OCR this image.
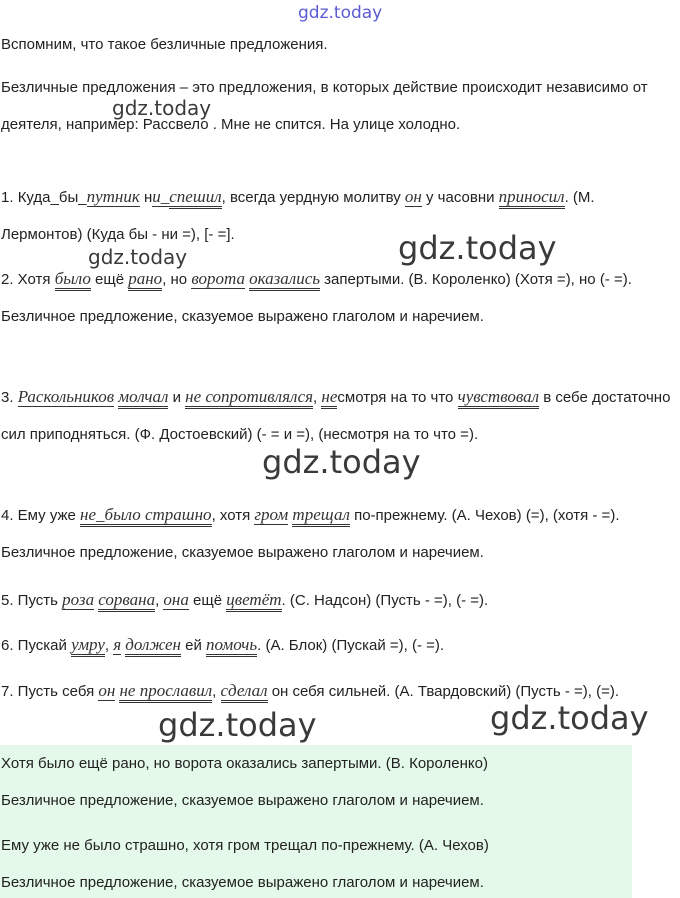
gdz.today

Вспомним, что такое безличные предложения.

Безличные предложения – это предложения, в которых действие происходит независимо от деятеля, например: Рассвело . Мне не спится. На улице холодно.

1. Куда_бы_путник ни_спешил, всегда уердную молитву он у часовни приносил. (М. Лермонтов) (Куда бы - ни =), [- =].

2. Хотя было ещё рано, но ворота оказались запертыми. (В. Короленко) (Хотя =), но (- =). Безличное предложение, сказуемое выражено глаголом и наречием.

3. Раскольников молчал и не сопротивлялся, несмотря на то что чувствовал в себе достаточно сил приподняться. (Ф. Достоевский) (- = и =), (несмотря на то что =).

4. Ему уже не_было страшно, хотя гром трещал по-прежнему. (А. Чехов) (=), (хотя - =). Безличное предложение, сказуемое выражено глаголом и наречием.

5. Пусть роза сорвана, она ещё цветёт. (С. Надсон) (Пусть - =), (- =).

6. Пускай умру, я должен ей помочь. (А. Блок) (Пускай =), (- =).

7. Пусть себя он не прославил, сделал он себя сильней. (А. Твардовский) (Пусть - =), (=).

Хотя было ещё рано, но ворота оказались запертыми. (В. Короленко)

Безличное предложение, сказуемое выражено глаголом и наречием.

Ему уже не было страшно, хотя гром трещал по-прежнему. (А. Чехов)

Безличное предложение, сказуемое выражено глаголом и наречием.

gdz.today
gdz.today	gdz.today
gdz.today
gdz.today	gdz.today
